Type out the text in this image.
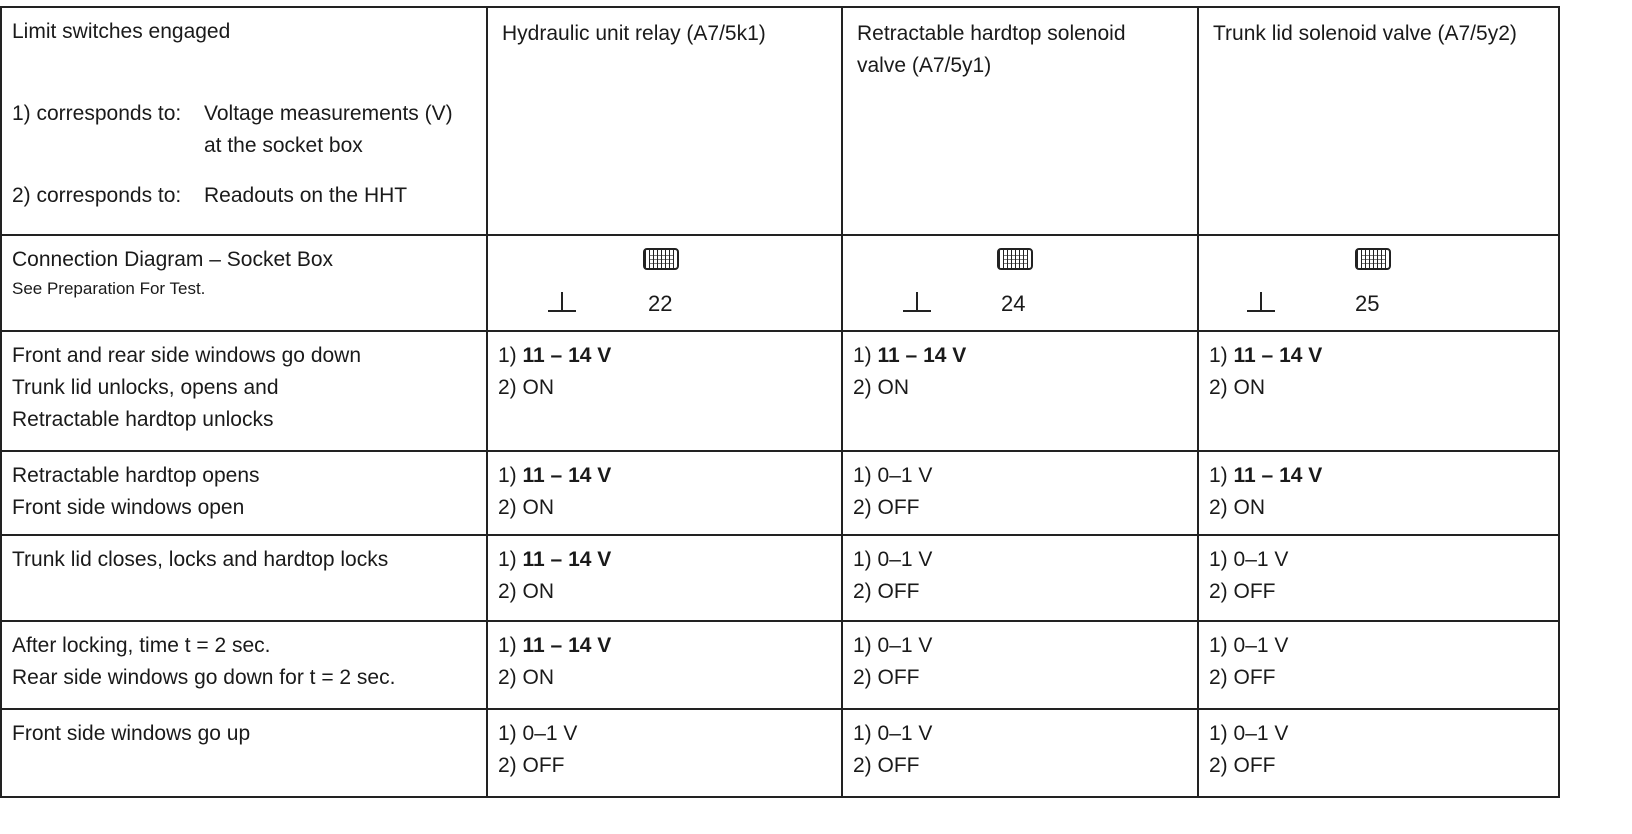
Limit switches engaged

1) corresponds to: Voltage measurements (V)
at the socket box
2) corresponds to: Readouts on the HHT	Hydraulic unit relay (A7/5k1)	Retractable hardtop solenoid
valve (A7/5y1)	Trunk lid solenoid valve (A7/5y2)

Connection Diagram – Socket Box
See Preparation For Test.	22	24	25

Front and rear side windows go down
Trunk lid unlocks, opens and
Retractable hardtop unlocks	1) 11 – 14 V
2) ON	1) 11 – 14 V
2) ON	1) 11 – 14 V
2) ON

Retractable hardtop opens
Front side windows open	1) 11 – 14 V
2) ON	1) 0–1 V
2) OFF	1) 11 – 14 V
2) ON

Trunk lid closes, locks and hardtop locks	1) 11 – 14 V
2) ON	1) 0–1 V
2) OFF	1) 0–1 V
2) OFF

After locking, time t = 2 sec.
Rear side windows go down for t = 2 sec.	1) 11 – 14 V
2) ON	1) 0–1 V
2) OFF	1) 0–1 V
2) OFF

Front side windows go up	1) 0–1 V
2) OFF	1) 0–1 V
2) OFF	1) 0–1 V
2) OFF
